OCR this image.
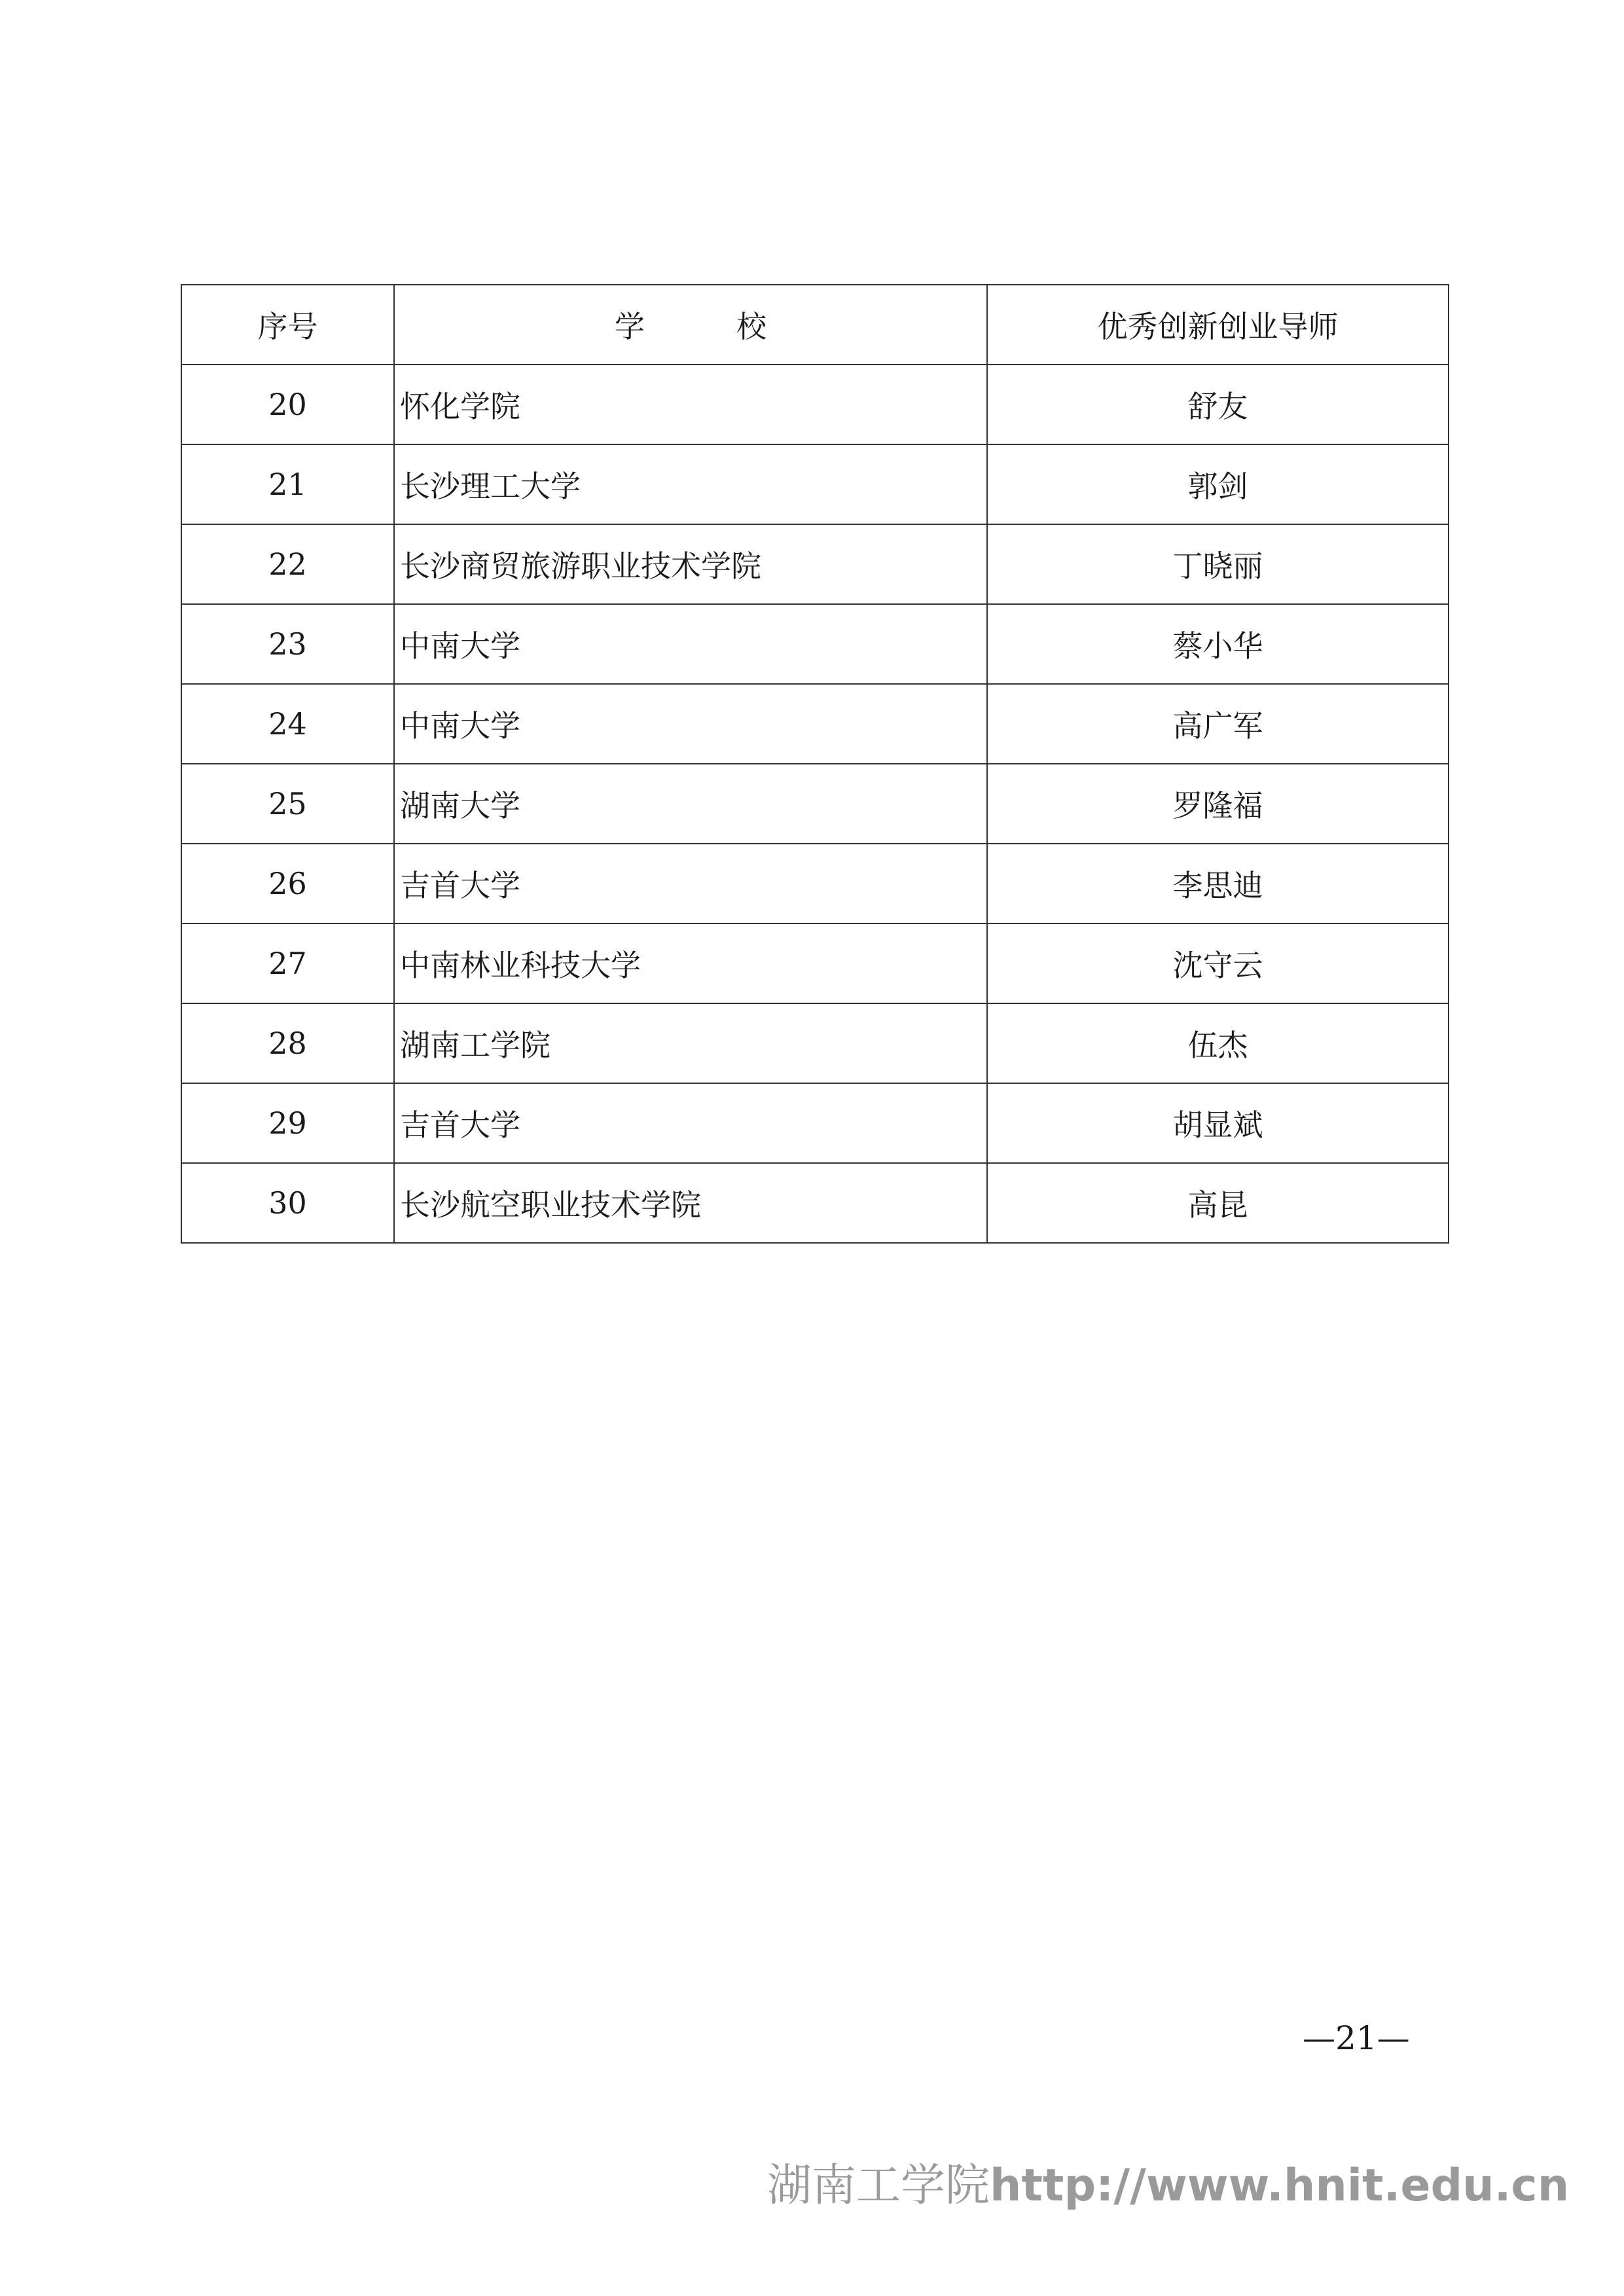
序号	学 校	优秀创新创业导师
20	怀化学院	舒友
21	长沙理工大学	郭剑
22	长沙商贸旅游职业技术学院	丁晓丽
23	中南大学	蔡小华
24	中南大学	高广军
25	湖南大学	罗隆福
26	吉首大学	李思迪
27	中南林业科技大学	沈守云
28	湖南工学院	伍杰
29	吉首大学	胡显斌
30	长沙航空职业技术学院	高昆
—21—
湖南工学院http://www.hnit.edu.cn
